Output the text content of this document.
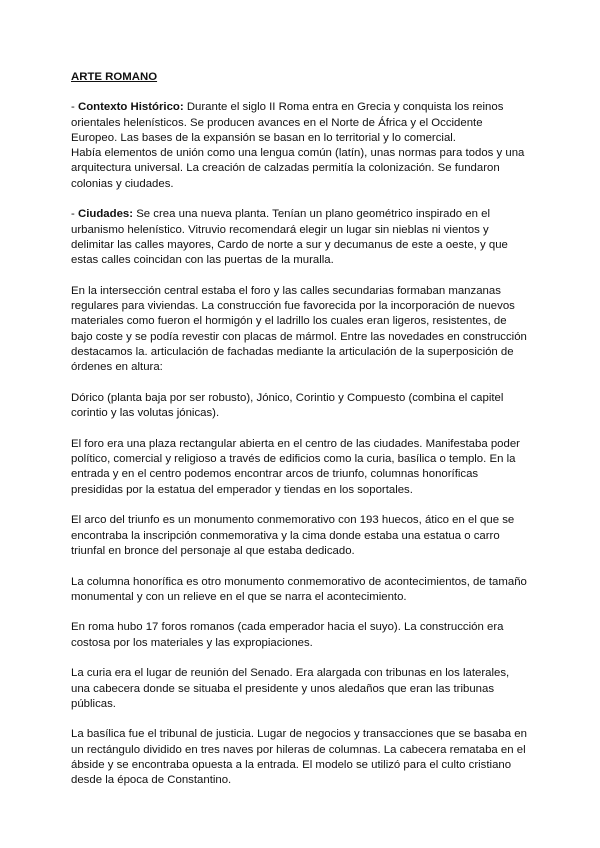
ARTE ROMANO

- Contexto Histórico: Durante el siglo II Roma entra en Grecia y conquista los reinos orientales helenísticos. Se producen avances en el Norte de África y el Occidente Europeo. Las bases de la expansión se basan en lo territorial y lo comercial.
Había elementos de unión como una lengua común (latín), unas normas para todos y una arquitectura universal. La creación de calzadas permitía la colonización. Se fundaron colonias y ciudades.

- Ciudades: Se crea una nueva planta. Tenían un plano geométrico inspirado en el urbanismo helenístico. Vitruvio recomendará elegir un lugar sin nieblas ni vientos y delimitar las calles mayores, Cardo de norte a sur y decumanus de este a oeste, y que estas calles coincidan con las puertas de la muralla.

En la intersección central estaba el foro y las calles secundarias formaban manzanas regulares para viviendas. La construcción fue favorecida por la incorporación de nuevos materiales como fueron el hormigón y el ladrillo los cuales eran ligeros, resistentes, de bajo coste y se podía revestir con placas de mármol. Entre las novedades en construcción destacamos la. articulación de fachadas mediante la articulación de la superposición de órdenes en altura:

Dórico (planta baja por ser robusto), Jónico, Corintio y Compuesto (combina el capitel corintio y las volutas jónicas).

El foro era una plaza rectangular abierta en el centro de las ciudades. Manifestaba poder político, comercial y religioso a través de edificios como la curia, basílica o templo. En la entrada y en el centro podemos encontrar arcos de triunfo, columnas honoríficas presididas por la estatua del emperador y tiendas en los soportales.

El arco del triunfo es un monumento conmemorativo con 193 huecos, ático en el que se encontraba la inscripción conmemorativa y la cima donde estaba una estatua o carro triunfal en bronce del personaje al que estaba dedicado.

La columna honorífica es otro monumento conmemorativo de acontecimientos, de tamaño monumental y con un relieve en el que se narra el acontecimiento.

En roma hubo 17 foros romanos (cada emperador hacia el suyo). La construcción era costosa por los materiales y las expropiaciones.

La curia era el lugar de reunión del Senado. Era alargada con tribunas en los laterales, una cabecera donde se situaba el presidente y unos aledaños que eran las tribunas públicas.

La basílica fue el tribunal de justicia. Lugar de negocios y transacciones que se basaba en un rectángulo dividido en tres naves por hileras de columnas. La cabecera remataba en el ábside y se encontraba opuesta a la entrada. El modelo se utilizó para el culto cristiano desde la época de Constantino.
